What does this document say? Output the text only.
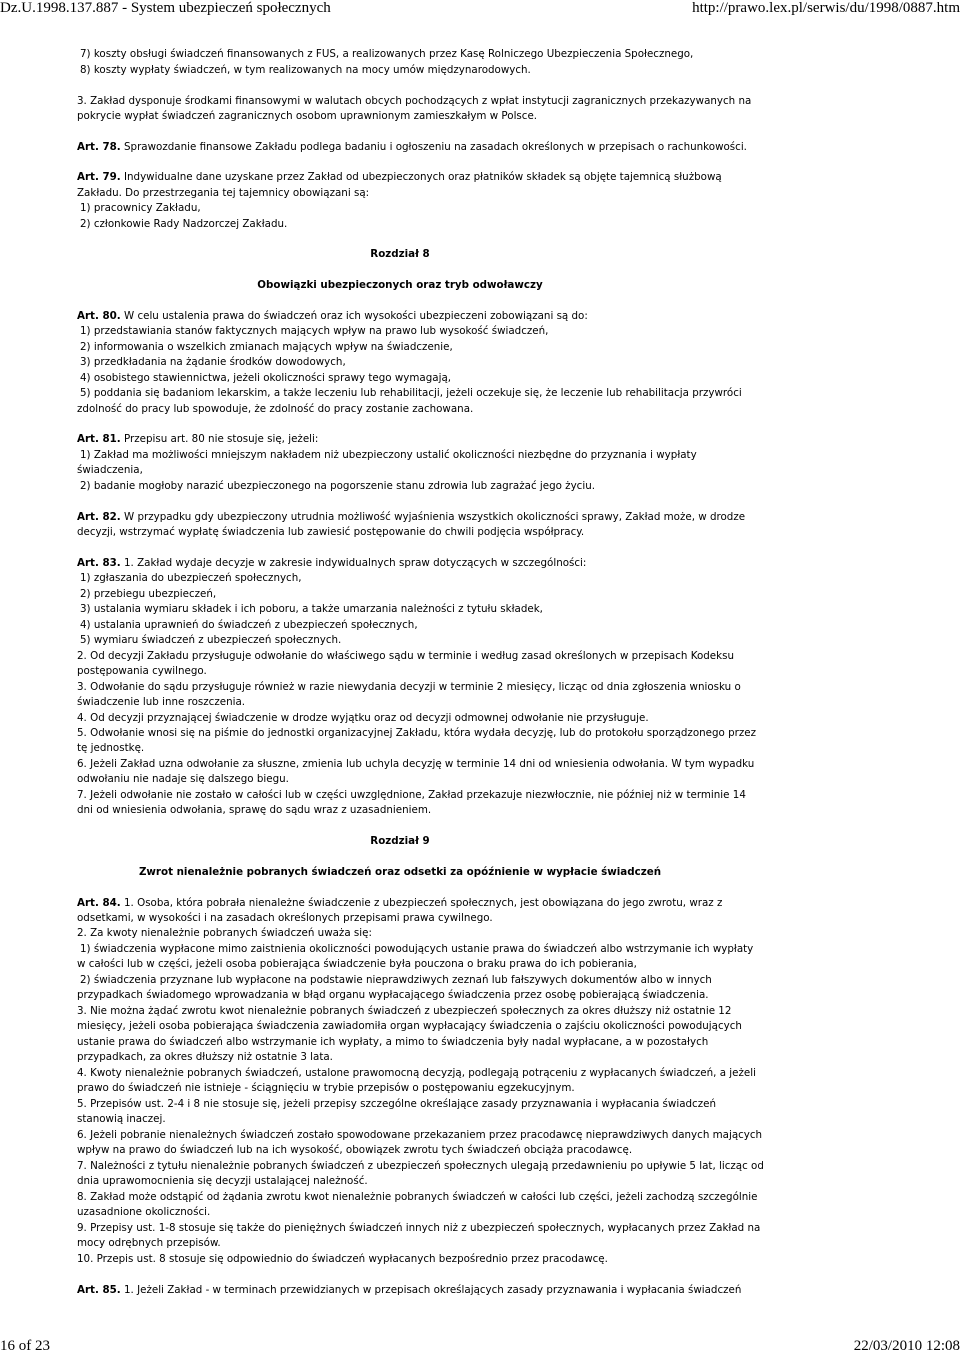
Dz.U.1998.137.887 - System ubezpieczeń społecznych	http://prawo.lex.pl/serwis/du/1998/0887.htm
7) koszty obsługi świadczeń finansowanych z FUS, a realizowanych przez Kasę Rolniczego Ubezpieczenia Społecznego,
8) koszty wypłaty świadczeń, w tym realizowanych na mocy umów międzynarodowych.
3. Zakład dysponuje środkami finansowymi w walutach obcych pochodzących z wpłat instytucji zagranicznych przekazywanych na
pokrycie wypłat świadczeń zagranicznych osobom uprawnionym zamieszkałym w Polsce.
Art. 78. Sprawozdanie finansowe Zakładu podlega badaniu i ogłoszeniu na zasadach określonych w przepisach o rachunkowości.
Art. 79. Indywidualne dane uzyskane przez Zakład od ubezpieczonych oraz płatników składek są objęte tajemnicą służbową
Zakładu. Do przestrzegania tej tajemnicy obowiązani są:
1) pracownicy Zakładu,
2) członkowie Rady Nadzorczej Zakładu.
Rozdział 8
Obowiązki ubezpieczonych oraz tryb odwoławczy
Art. 80. W celu ustalenia prawa do świadczeń oraz ich wysokości ubezpieczeni zobowiązani są do:
1) przedstawiania stanów faktycznych mających wpływ na prawo lub wysokość świadczeń,
2) informowania o wszelkich zmianach mających wpływ na świadczenie,
3) przedkładania na żądanie środków dowodowych,
4) osobistego stawiennictwa, jeżeli okoliczności sprawy tego wymagają,
5) poddania się badaniom lekarskim, a także leczeniu lub rehabilitacji, jeżeli oczekuje się, że leczenie lub rehabilitacja przywróci
zdolność do pracy lub spowoduje, że zdolność do pracy zostanie zachowana.
Art. 81. Przepisu art. 80 nie stosuje się, jeżeli:
1) Zakład ma możliwości mniejszym nakładem niż ubezpieczony ustalić okoliczności niezbędne do przyznania i wypłaty
świadczenia,
2) badanie mogłoby narazić ubezpieczonego na pogorszenie stanu zdrowia lub zagrażać jego życiu.
Art. 82. W przypadku gdy ubezpieczony utrudnia możliwość wyjaśnienia wszystkich okoliczności sprawy, Zakład może, w drodze
decyzji, wstrzymać wypłatę świadczenia lub zawiesić postępowanie do chwili podjęcia współpracy.
Art. 83. 1. Zakład wydaje decyzje w zakresie indywidualnych spraw dotyczących w szczególności:
1) zgłaszania do ubezpieczeń społecznych,
2) przebiegu ubezpieczeń,
3) ustalania wymiaru składek i ich poboru, a także umarzania należności z tytułu składek,
4) ustalania uprawnień do świadczeń z ubezpieczeń społecznych,
5) wymiaru świadczeń z ubezpieczeń społecznych.
2. Od decyzji Zakładu przysługuje odwołanie do właściwego sądu w terminie i według zasad określonych w przepisach Kodeksu
postępowania cywilnego.
3. Odwołanie do sądu przysługuje również w razie niewydania decyzji w terminie 2 miesięcy, licząc od dnia zgłoszenia wniosku o
świadczenie lub inne roszczenia.
4. Od decyzji przyznającej świadczenie w drodze wyjątku oraz od decyzji odmownej odwołanie nie przysługuje.
5. Odwołanie wnosi się na piśmie do jednostki organizacyjnej Zakładu, która wydała decyzję, lub do protokołu sporządzonego przez
tę jednostkę.
6. Jeżeli Zakład uzna odwołanie za słuszne, zmienia lub uchyla decyzję w terminie 14 dni od wniesienia odwołania. W tym wypadku
odwołaniu nie nadaje się dalszego biegu.
7. Jeżeli odwołanie nie zostało w całości lub w części uwzględnione, Zakład przekazuje niezwłocznie, nie później niż w terminie 14
dni od wniesienia odwołania, sprawę do sądu wraz z uzasadnieniem.
Rozdział 9
Zwrot nienależnie pobranych świadczeń oraz odsetki za opóźnienie w wypłacie świadczeń
Art. 84. 1. Osoba, która pobrała nienależne świadczenie z ubezpieczeń społecznych, jest obowiązana do jego zwrotu, wraz z
odsetkami, w wysokości i na zasadach określonych przepisami prawa cywilnego.
2. Za kwoty nienależnie pobranych świadczeń uważa się:
1) świadczenia wypłacone mimo zaistnienia okoliczności powodujących ustanie prawa do świadczeń albo wstrzymanie ich wypłaty
w całości lub w części, jeżeli osoba pobierająca świadczenie była pouczona o braku prawa do ich pobierania,
2) świadczenia przyznane lub wypłacone na podstawie nieprawdziwych zeznań lub fałszywych dokumentów albo w innych
przypadkach świadomego wprowadzania w błąd organu wypłacającego świadczenia przez osobę pobierającą świadczenia.
3. Nie można żądać zwrotu kwot nienależnie pobranych świadczeń z ubezpieczeń społecznych za okres dłuższy niż ostatnie 12
miesięcy, jeżeli osoba pobierająca świadczenia zawiadomiła organ wypłacający świadczenia o zajściu okoliczności powodujących
ustanie prawa do świadczeń albo wstrzymanie ich wypłaty, a mimo to świadczenia były nadal wypłacane, a w pozostałych
przypadkach, za okres dłuższy niż ostatnie 3 lata.
4. Kwoty nienależnie pobranych świadczeń, ustalone prawomocną decyzją, podlegają potrąceniu z wypłacanych świadczeń, a jeżeli
prawo do świadczeń nie istnieje - ściągnięciu w trybie przepisów o postępowaniu egzekucyjnym.
5. Przepisów ust. 2-4 i 8 nie stosuje się, jeżeli przepisy szczególne określające zasady przyznawania i wypłacania świadczeń
stanowią inaczej.
6. Jeżeli pobranie nienależnych świadczeń zostało spowodowane przekazaniem przez pracodawcę nieprawdziwych danych mających
wpływ na prawo do świadczeń lub na ich wysokość, obowiązek zwrotu tych świadczeń obciąża pracodawcę.
7. Należności z tytułu nienależnie pobranych świadczeń z ubezpieczeń społecznych ulegają przedawnieniu po upływie 5 lat, licząc od
dnia uprawomocnienia się decyzji ustalającej należność.
8. Zakład może odstąpić od żądania zwrotu kwot nienależnie pobranych świadczeń w całości lub części, jeżeli zachodzą szczególnie
uzasadnione okoliczności.
9. Przepisy ust. 1-8 stosuje się także do pieniężnych świadczeń innych niż z ubezpieczeń społecznych, wypłacanych przez Zakład na
mocy odrębnych przepisów.
10. Przepis ust. 8 stosuje się odpowiednio do świadczeń wypłacanych bezpośrednio przez pracodawcę.
Art. 85. 1. Jeżeli Zakład - w terminach przewidzianych w przepisach określających zasady przyznawania i wypłacania świadczeń
16 of 23	22/03/2010 12:08
